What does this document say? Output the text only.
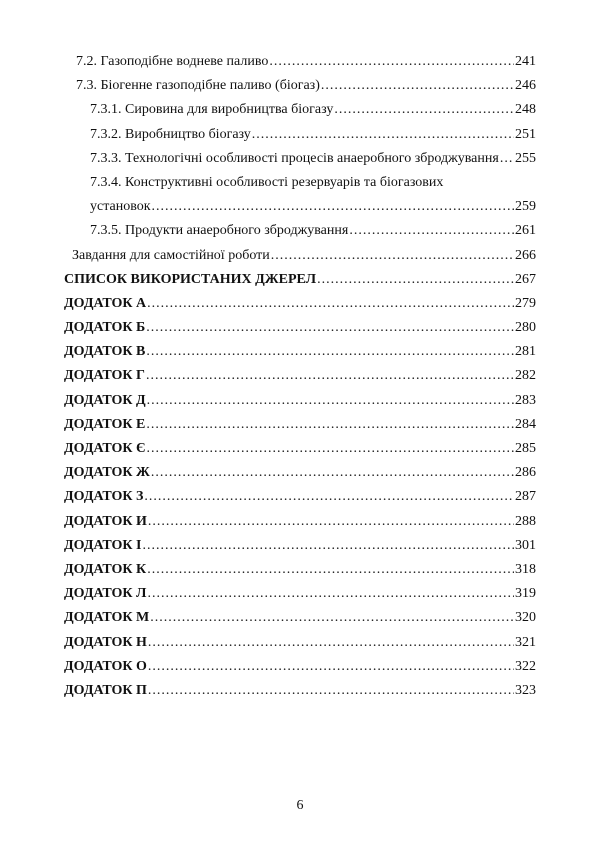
7.2. Газоподібне водневе паливо .....	241
7.3. Біогенне газоподібне паливо (біогаз) .....	246
7.3.1. Сировина для виробництва біогазу .....	248
7.3.2. Виробництво біогазу .....	251
7.3.3. Технологічні особливості процесів анаеробного зброджування ..... 255
7.3.4. Конструктивні особливості резервуарів та біогазових
установок .....	259
7.3.5. Продукти анаеробного зброджування .....	261
Завдання для самостійної роботи .....	266
СПИСОК ВИКОРИСТАНИХ ДЖЕРЕЛ .....	267
ДОДАТОК А .....	279
ДОДАТОК Б .....	280
ДОДАТОК В .....	281
ДОДАТОК Г .....	282
ДОДАТОК Д .....	283
ДОДАТОК Е .....	284
ДОДАТОК Є .....	285
ДОДАТОК Ж .....	286
ДОДАТОК З .....	287
ДОДАТОК И .....	288
ДОДАТОК І .....	301
ДОДАТОК К .....	318
ДОДАТОК Л .....	319
ДОДАТОК М .....	320
ДОДАТОК Н .....	321
ДОДАТОК О .....	322
ДОДАТОК П .....	323
6
